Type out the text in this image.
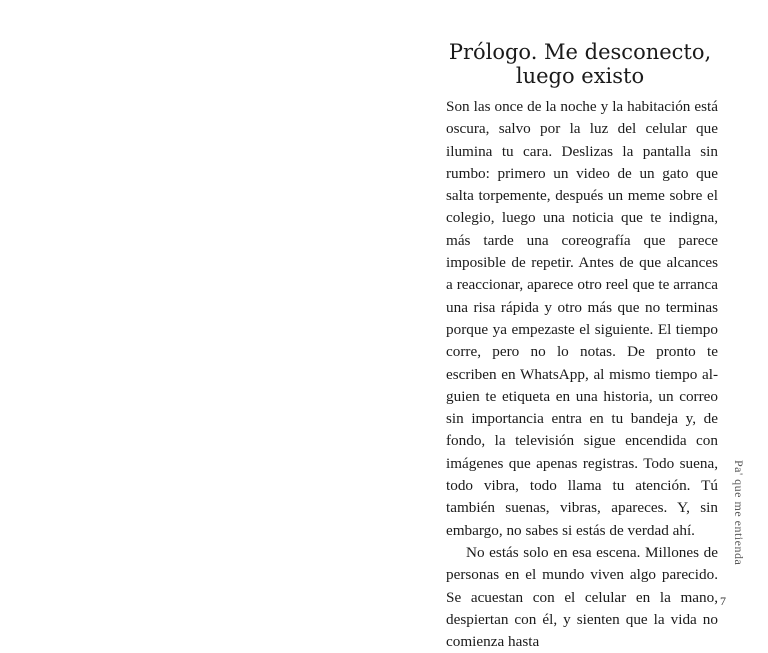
Prólogo. Me desconecto, luego existo

Son las once de la noche y la habitación está oscura, salvo por la luz del celular que ilumina tu cara. Deslizas la pantalla sin rumbo: primero un video de un gato que salta torpemente, después un meme sobre el colegio, luego una noticia que te indigna, más tarde una coreografía que parece imposible de repetir. Antes de que alcances a reaccionar, aparece otro reel que te arranca una risa rápida y otro más que no terminas porque ya empezaste el siguiente. El tiempo corre, pero no lo notas. De pronto te escriben en WhatsApp, al mismo tiempo alguien te etiqueta en una historia, un correo sin importancia entra en tu bandeja y, de fondo, la televisión sigue encendida con imágenes que apenas registras. Todo suena, todo vibra, todo llama tu atención. Tú también suenas, vibras, apareces. Y, sin embargo, no sabes si estás de verdad ahí.

No estás solo en esa escena. Millones de personas en el mundo viven algo parecido. Se acuestan con el celular en la mano, despiertan con él, y sienten que la vida no comienza hasta

Pa' que me entienda
7
